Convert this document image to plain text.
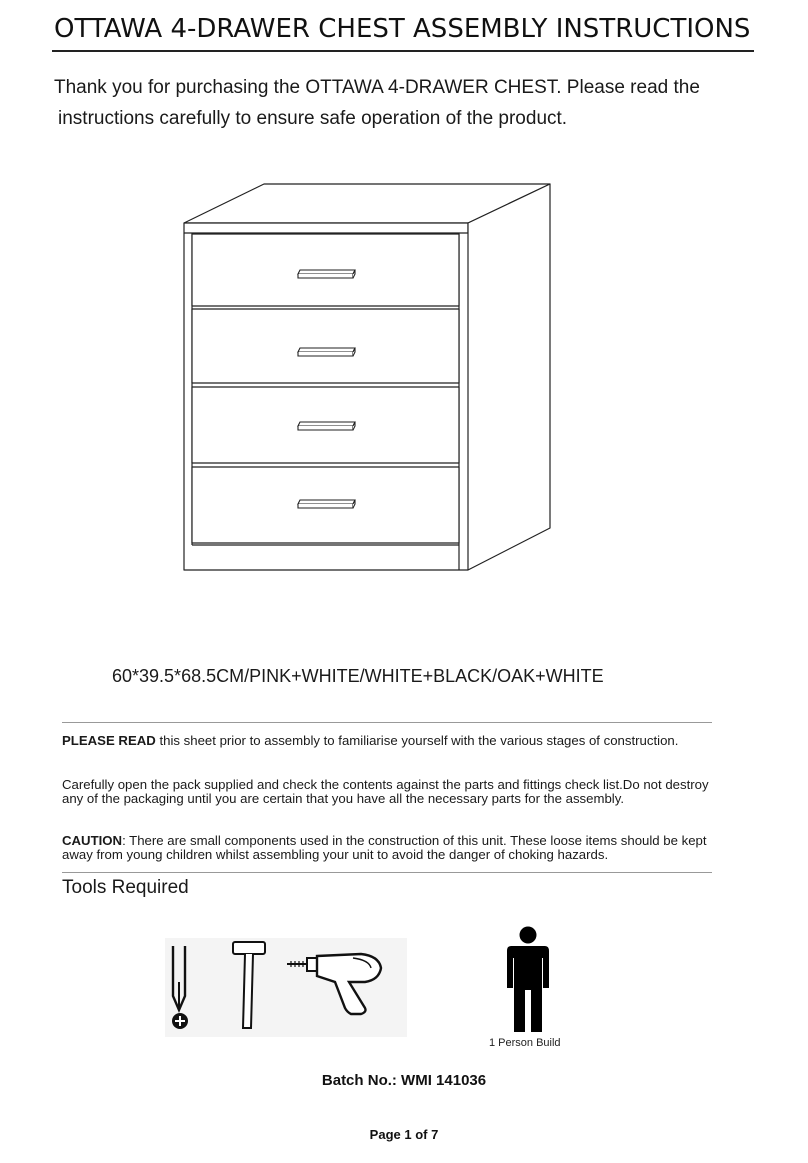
OTTAWA 4-DRAWER CHEST ASSEMBLY INSTRUCTIONS
Thank you for purchasing the OTTAWA 4-DRAWER CHEST. Please read the
instructions carefully to ensure safe operation of the product.
60*39.5*68.5CM/PINK+WHITE/WHITE+BLACK/OAK+WHITE
PLEASE READ this sheet prior to assembly to familiarise yourself with the various stages of construction.
Carefully open the pack supplied and check the contents against the parts and fittings check list.Do not destroy any of the packaging until you are certain that you have all the necessary parts for the assembly.
CAUTION: There are small components used in the construction of this unit. These loose items should be kept away from young children whilst assembling your unit to avoid the danger of choking hazards.
Tools Required
1 Person Build
Batch No.: WMI 141036
Page 1 of 7
